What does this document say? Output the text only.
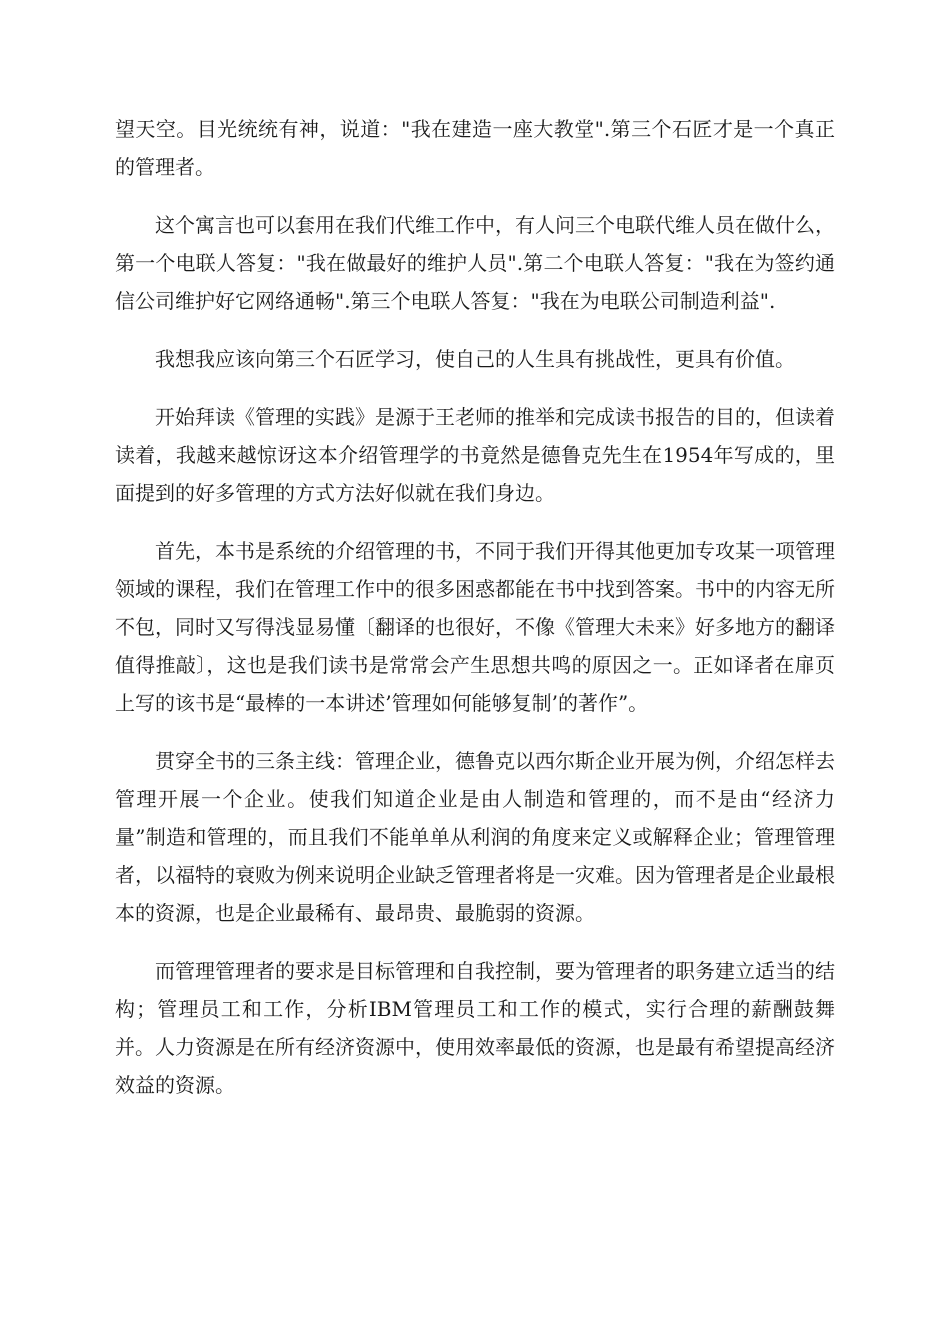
望天空。目光统统有神，说道："我在建造一座大教堂".第三个石匠才是一个真正的管理者。

这个寓言也可以套用在我们代维工作中，有人问三个电联代维人员在做什么，第一个电联人答复："我在做最好的维护人员".第二个电联人答复："我在为签约通信公司维护好它网络通畅".第三个电联人答复："我在为电联公司制造利益".

我想我应该向第三个石匠学习，使自己的人生具有挑战性，更具有价值。

开始拜读《管理的实践》是源于王老师的推举和完成读书报告的目的，但读着读着，我越来越惊讶这本介绍管理学的书竟然是德鲁克先生在1954年写成的，里面提到的好多管理的方式方法好似就在我们身边。

首先，本书是系统的介绍管理的书，不同于我们开得其他更加专攻某一项管理领域的课程，我们在管理工作中的很多困惑都能在书中找到答案。书中的内容无所不包，同时又写得浅显易懂〔翻译的也很好，不像《管理大未来》好多地方的翻译值得推敲〕，这也是我们读书是常常会产生思想共鸣的原因之一。正如译者在扉页上写的该书是“最棒的一本讲述’管理如何能够复制’的著作”。

贯穿全书的三条主线：管理企业，德鲁克以西尔斯企业开展为例，介绍怎样去管理开展一个企业。使我们知道企业是由人制造和管理的，而不是由“经济力量”制造和管理的，而且我们不能单单从利润的角度来定义或解释企业；管理管理者，以福特的衰败为例来说明企业缺乏管理者将是一灾难。因为管理者是企业最根本的资源，也是企业最稀有、最昂贵、最脆弱的资源。

而管理管理者的要求是目标管理和自我控制，要为管理者的职务建立适当的结构；管理员工和工作，分析IBM管理员工和工作的模式，实行合理的薪酬鼓舞并。人力资源是在所有经济资源中，使用效率最低的资源，也是最有希望提高经济效益的资源。
